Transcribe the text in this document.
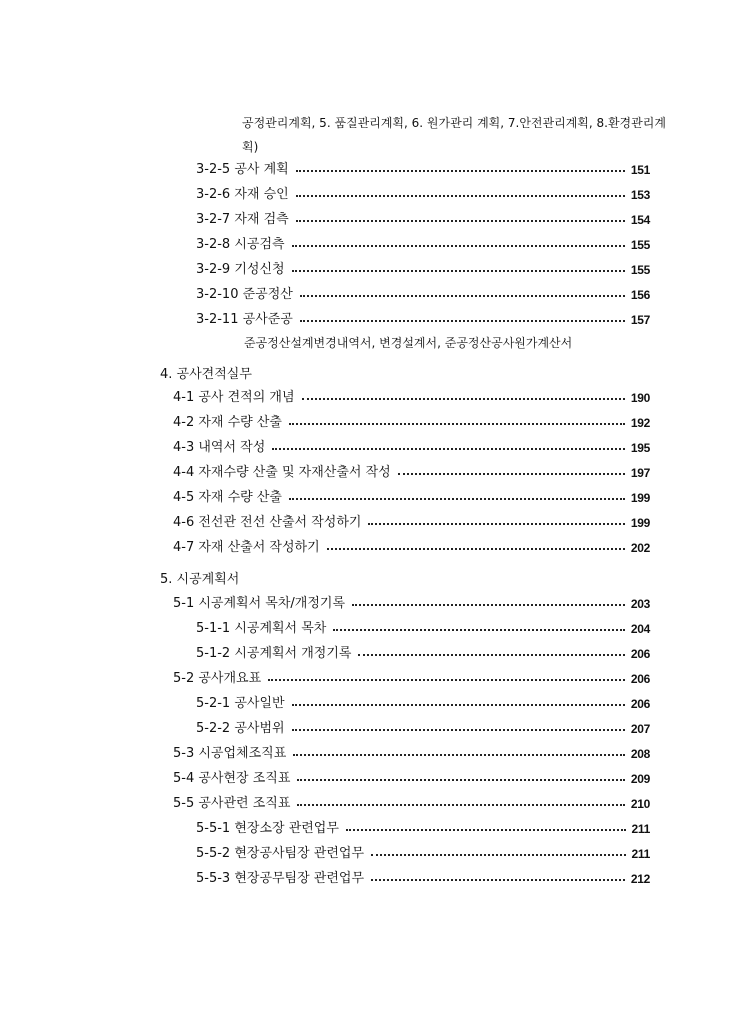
공정관리계획, 5. 품질관리계획, 6. 원가관리 계획, 7.안전관리계획, 8.환경관리계
획)
3-2-5 공사 계획	151
3-2-6 자재 승인	153
3-2-7 자재 검측	154
3-2-8 시공검측	155
3-2-9 기성신청	155
3-2-10 준공정산	156
3-2-11 공사준공	157
준공정산설계변경내역서, 변경설계서, 준공정산공사원가계산서
4. 공사견적실무
4-1 공사 견적의 개념	190
4-2 자재 수량 산출	192
4-3 내역서 작성	195
4-4 자재수량 산출 및 자재산출서 작성	197
4-5 자재 수량 산출	199
4-6 전선관 전선 산출서 작성하기	199
4-7 자재 산출서 작성하기	202
5. 시공계획서
5-1 시공계획서 목차/개정기록	203
5-1-1 시공계획서 목차	204
5-1-2 시공계획서 개정기록	206
5-2 공사개요표	206
5-2-1 공사일반	206
5-2-2 공사범위	207
5-3 시공업체조직표	208
5-4 공사현장 조직표	209
5-5 공사관련 조직표	210
5-5-1 현장소장 관련업무	211
5-5-2 현장공사팀장 관련업무	211
5-5-3 현장공무팀장 관련업무	212
